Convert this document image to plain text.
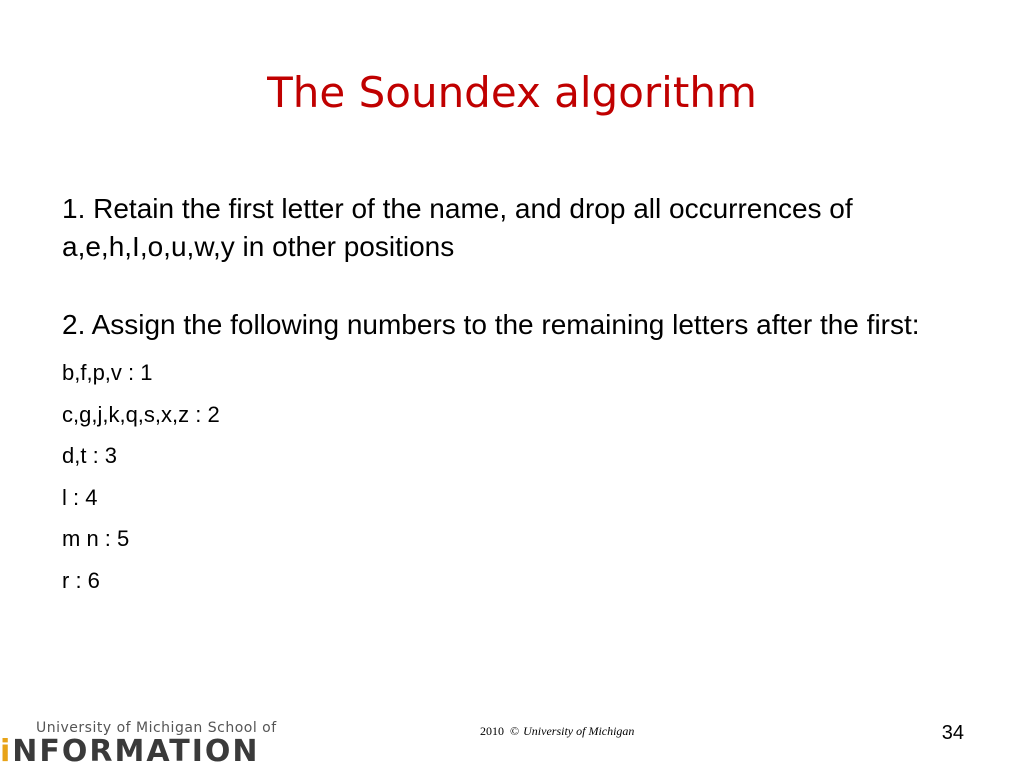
The Soundex algorithm

1. Retain the first letter of the name, and drop all occurrences of a,e,h,I,o,u,w,y in other positions

2. Assign the following numbers to the remaining letters after the first:

b,f,p,v : 1
c,g,j,k,q,s,x,z : 2
d,t : 3
l : 4
m n : 5
r : 6
University of Michigan School of
iNFORMATION
2010 © University of Michigan	34
